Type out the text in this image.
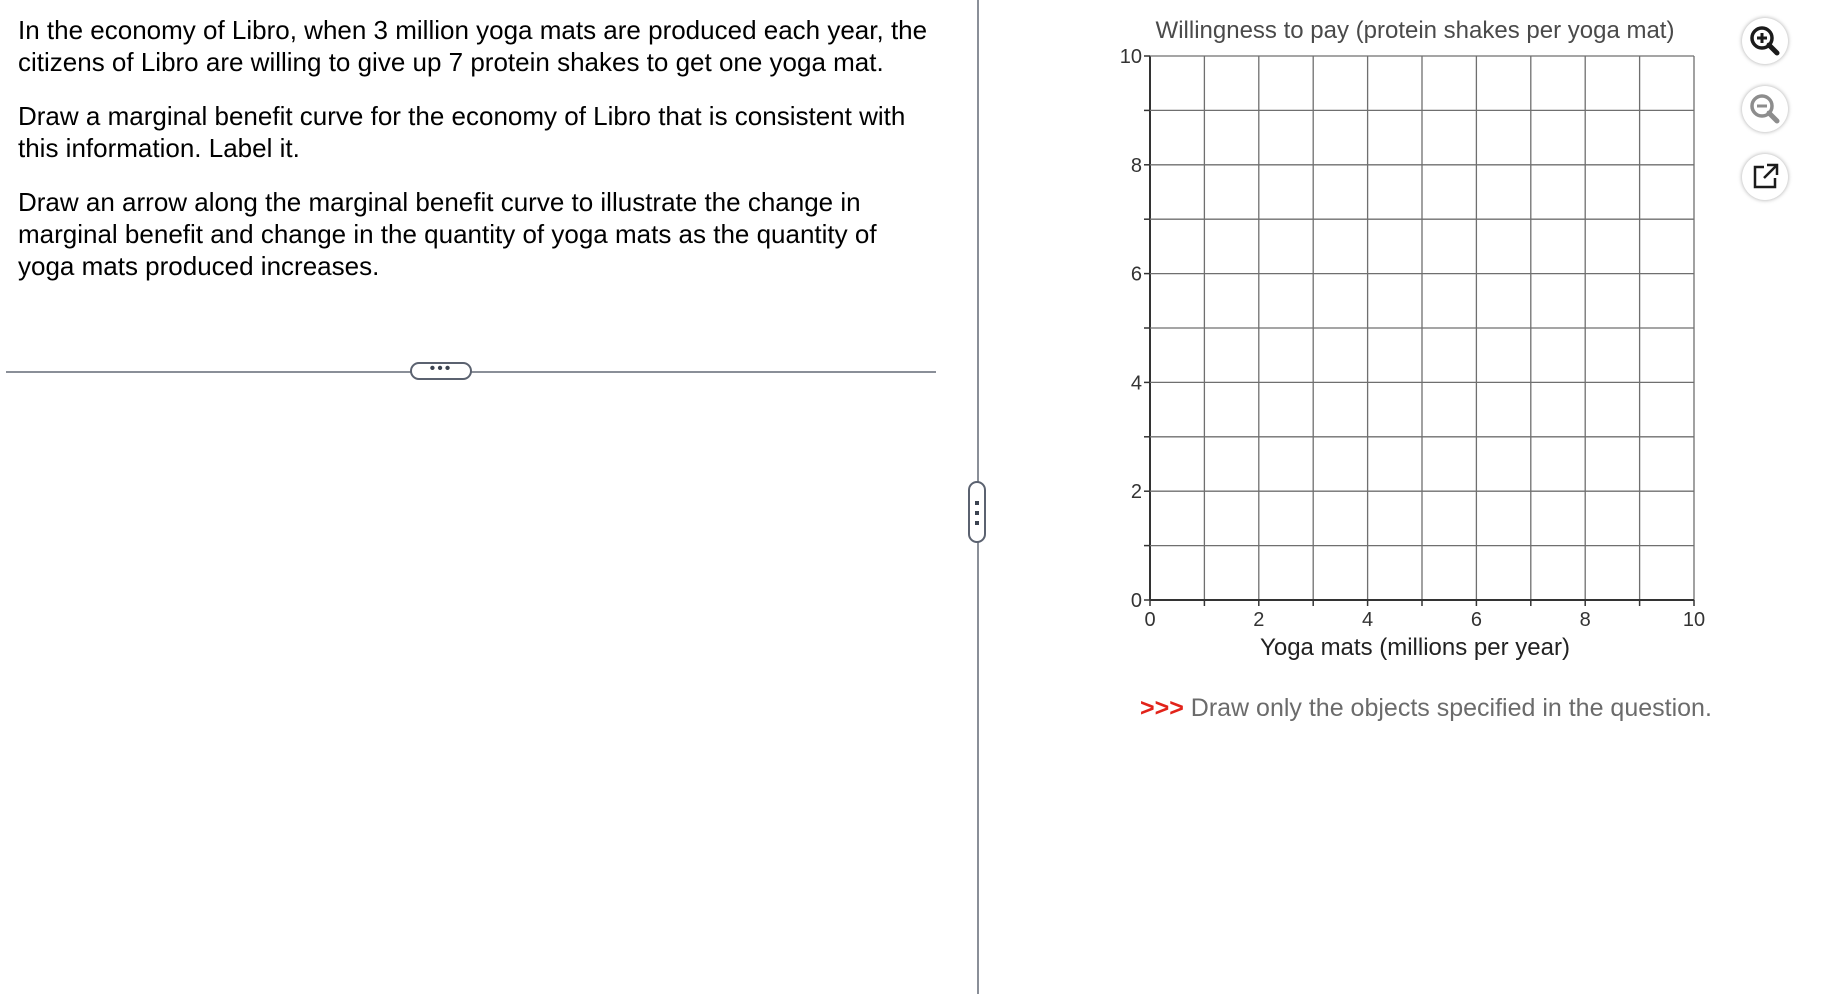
In the economy of Libro, when 3 million yoga mats are produced each year, the citizens of Libro are willing to give up 7 protein shakes to get one yoga mat.

Draw a marginal benefit curve for the economy of Libro that is consistent with this information. Label it.

Draw an arrow along the marginal benefit curve to illustrate the change in marginal benefit and change in the quantity of yoga mats as the quantity of yoga mats produced increases.

•••
Willingness to pay (protein shakes per yoga mat)
0	2	4	6	8	10
0
2
4
6
8
10
Yoga mats (millions per year)
>>> Draw only the objects specified in the question.
